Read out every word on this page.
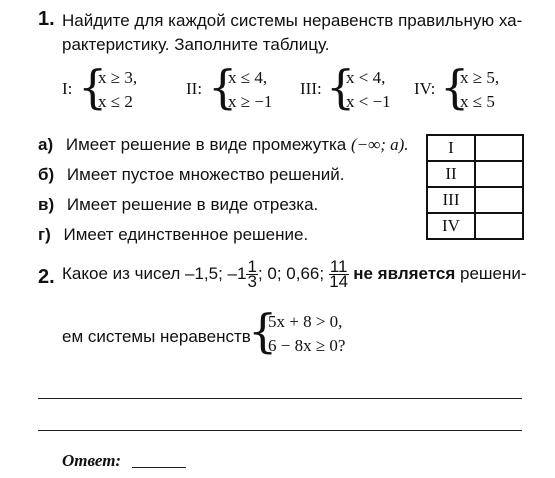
1. Найдите для каждой системы неравенств правильную ха-
рактеристику. Заполните таблицу.
I: {
x ≥ 3,
x ≤ 2
II: {
x ≤ 4,
x ≥ −1
III: {
x < 4,
x < −1
IV: {
x ≥ 5,
x ≤ 5
а) Имеет решение в виде промежутка (−∞; a).
б) Имеет пустое множество решений.
в) Имеет решение в виде отрезка.
г) Имеет единственное решение.
I	
II	
III	
IV	
2. Какое из чисел –1,5; $-1 \frac{1}{3}$ ; 0; 0,66; $\frac{11}{14}$ не является решени-
ем системы неравенств
{
5x + 8 > 0,
6 − 8x ≥ 0?
Ответ:
